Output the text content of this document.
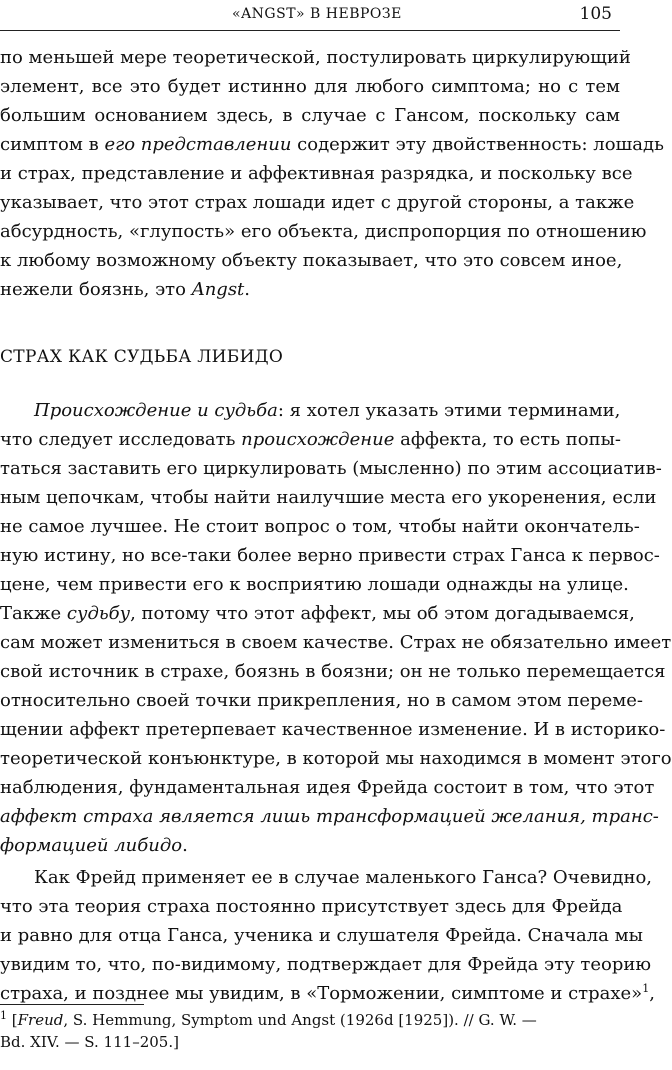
«ANGST» В НЕВРОЗЕ	105
по меньшей мере теоретической, постулировать циркулирующий
элемент, все это будет истинно для любого симптома; но с тем
большим основанием здесь, в случае с Гансом, поскольку сам
симптом в его представлении содержит эту двойственность: лошадь
и страх, представление и аффективная разрядка, и поскольку все
указывает, что этот страх лошади идет с другой стороны, а также
абсурдность, «глупость» его объекта, диспропорция по отношению
к любому возможному объекту показывает, что это совсем иное,
нежели боязнь, это Angst.
СТРАХ КАК СУДЬБА ЛИБИДО
Происхождение и судьба: я хотел указать этими терминами,
что следует исследовать происхождение аффекта, то есть попы-
таться заставить его циркулировать (мысленно) по этим ассоциатив-
ным цепочкам, чтобы найти наилучшие места его укоренения, если
не самое лучшее. Не стоит вопрос о том, чтобы найти окончатель-
ную истину, но все-таки более верно привести страх Ганса к первос-
цене, чем привести его к восприятию лошади однажды на улице.
Также судьбу, потому что этот аффект, мы об этом догадываемся,
сам может измениться в своем качестве. Страх не обязательно имеет
свой источник в страхе, боязнь в боязни; он не только перемещается
относительно своей точки прикрепления, но в самом этом переме-
щении аффект претерпевает качественное изменение. И в историко-
теоретической конъюнктуре, в которой мы находимся в момент этого
наблюдения, фундаментальная идея Фрейда состоит в том, что этот
аффект страха является лишь трансформацией желания, транс-
формацией либидо.
Как Фрейд применяет ее в случае маленького Ганса? Очевидно,
что эта теория страха постоянно присутствует здесь для Фрейда
и равно для отца Ганса, ученика и слушателя Фрейда. Сначала мы
увидим то, что, по-видимому, подтверждает для Фрейда эту теорию
страха, и позднее мы увидим, в «Торможении, симптоме и страхе»$^1$,
$^1$ [Freud, S. Hemmung, Symptom und Angst (1926d [1925]). // G. W. —
Bd. XIV. — S. 111–205.]
